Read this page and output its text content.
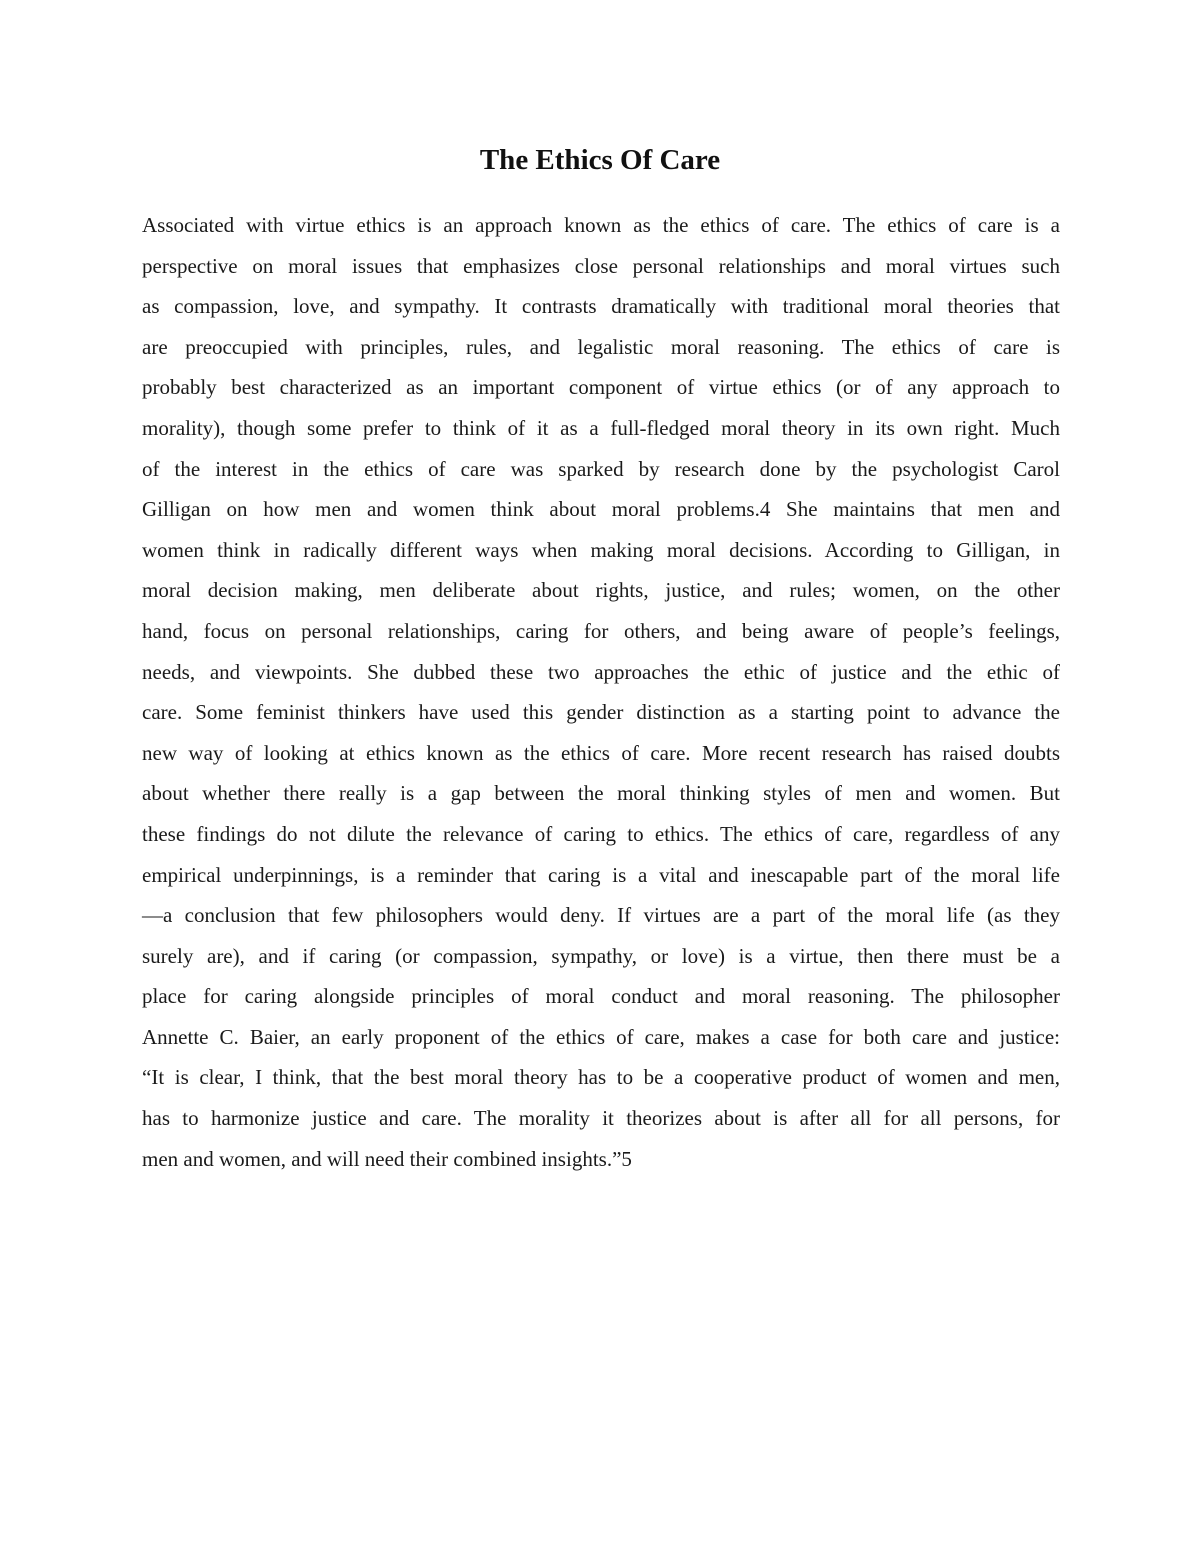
The Ethics Of Care
Associated with virtue ethics is an approach known as the ethics of care. The ethics of care is a
perspective on moral issues that emphasizes close personal relationships and moral virtues such
as compassion, love, and sympathy. It contrasts dramatically with traditional moral theories that
are preoccupied with principles, rules, and legalistic moral reasoning. The ethics of care is
probably best characterized as an important component of virtue ethics (or of any approach to
morality), though some prefer to think of it as a full-fledged moral theory in its own right. Much
of the interest in the ethics of care was sparked by research done by the psychologist Carol
Gilligan on how men and women think about moral problems.4 She maintains that men and
women think in radically different ways when making moral decisions. According to Gilligan, in
moral decision making, men deliberate about rights, justice, and rules; women, on the other
hand, focus on personal relationships, caring for others, and being aware of people’s feelings,
needs, and viewpoints. She dubbed these two approaches the ethic of justice and the ethic of
care. Some feminist thinkers have used this gender distinction as a starting point to advance the
new way of looking at ethics known as the ethics of care. More recent research has raised doubts
about whether there really is a gap between the moral thinking styles of men and women. But
these findings do not dilute the relevance of caring to ethics. The ethics of care, regardless of any
empirical underpinnings, is a reminder that caring is a vital and inescapable part of the moral life
—a conclusion that few philosophers would deny. If virtues are a part of the moral life (as they
surely are), and if caring (or compassion, sympathy, or love) is a virtue, then there must be a
place for caring alongside principles of moral conduct and moral reasoning. The philosopher
Annette C. Baier, an early proponent of the ethics of care, makes a case for both care and justice:
“It is clear, I think, that the best moral theory has to be a cooperative product of women and men,
has to harmonize justice and care. The morality it theorizes about is after all for all persons, for
men and women, and will need their combined insights.”5
